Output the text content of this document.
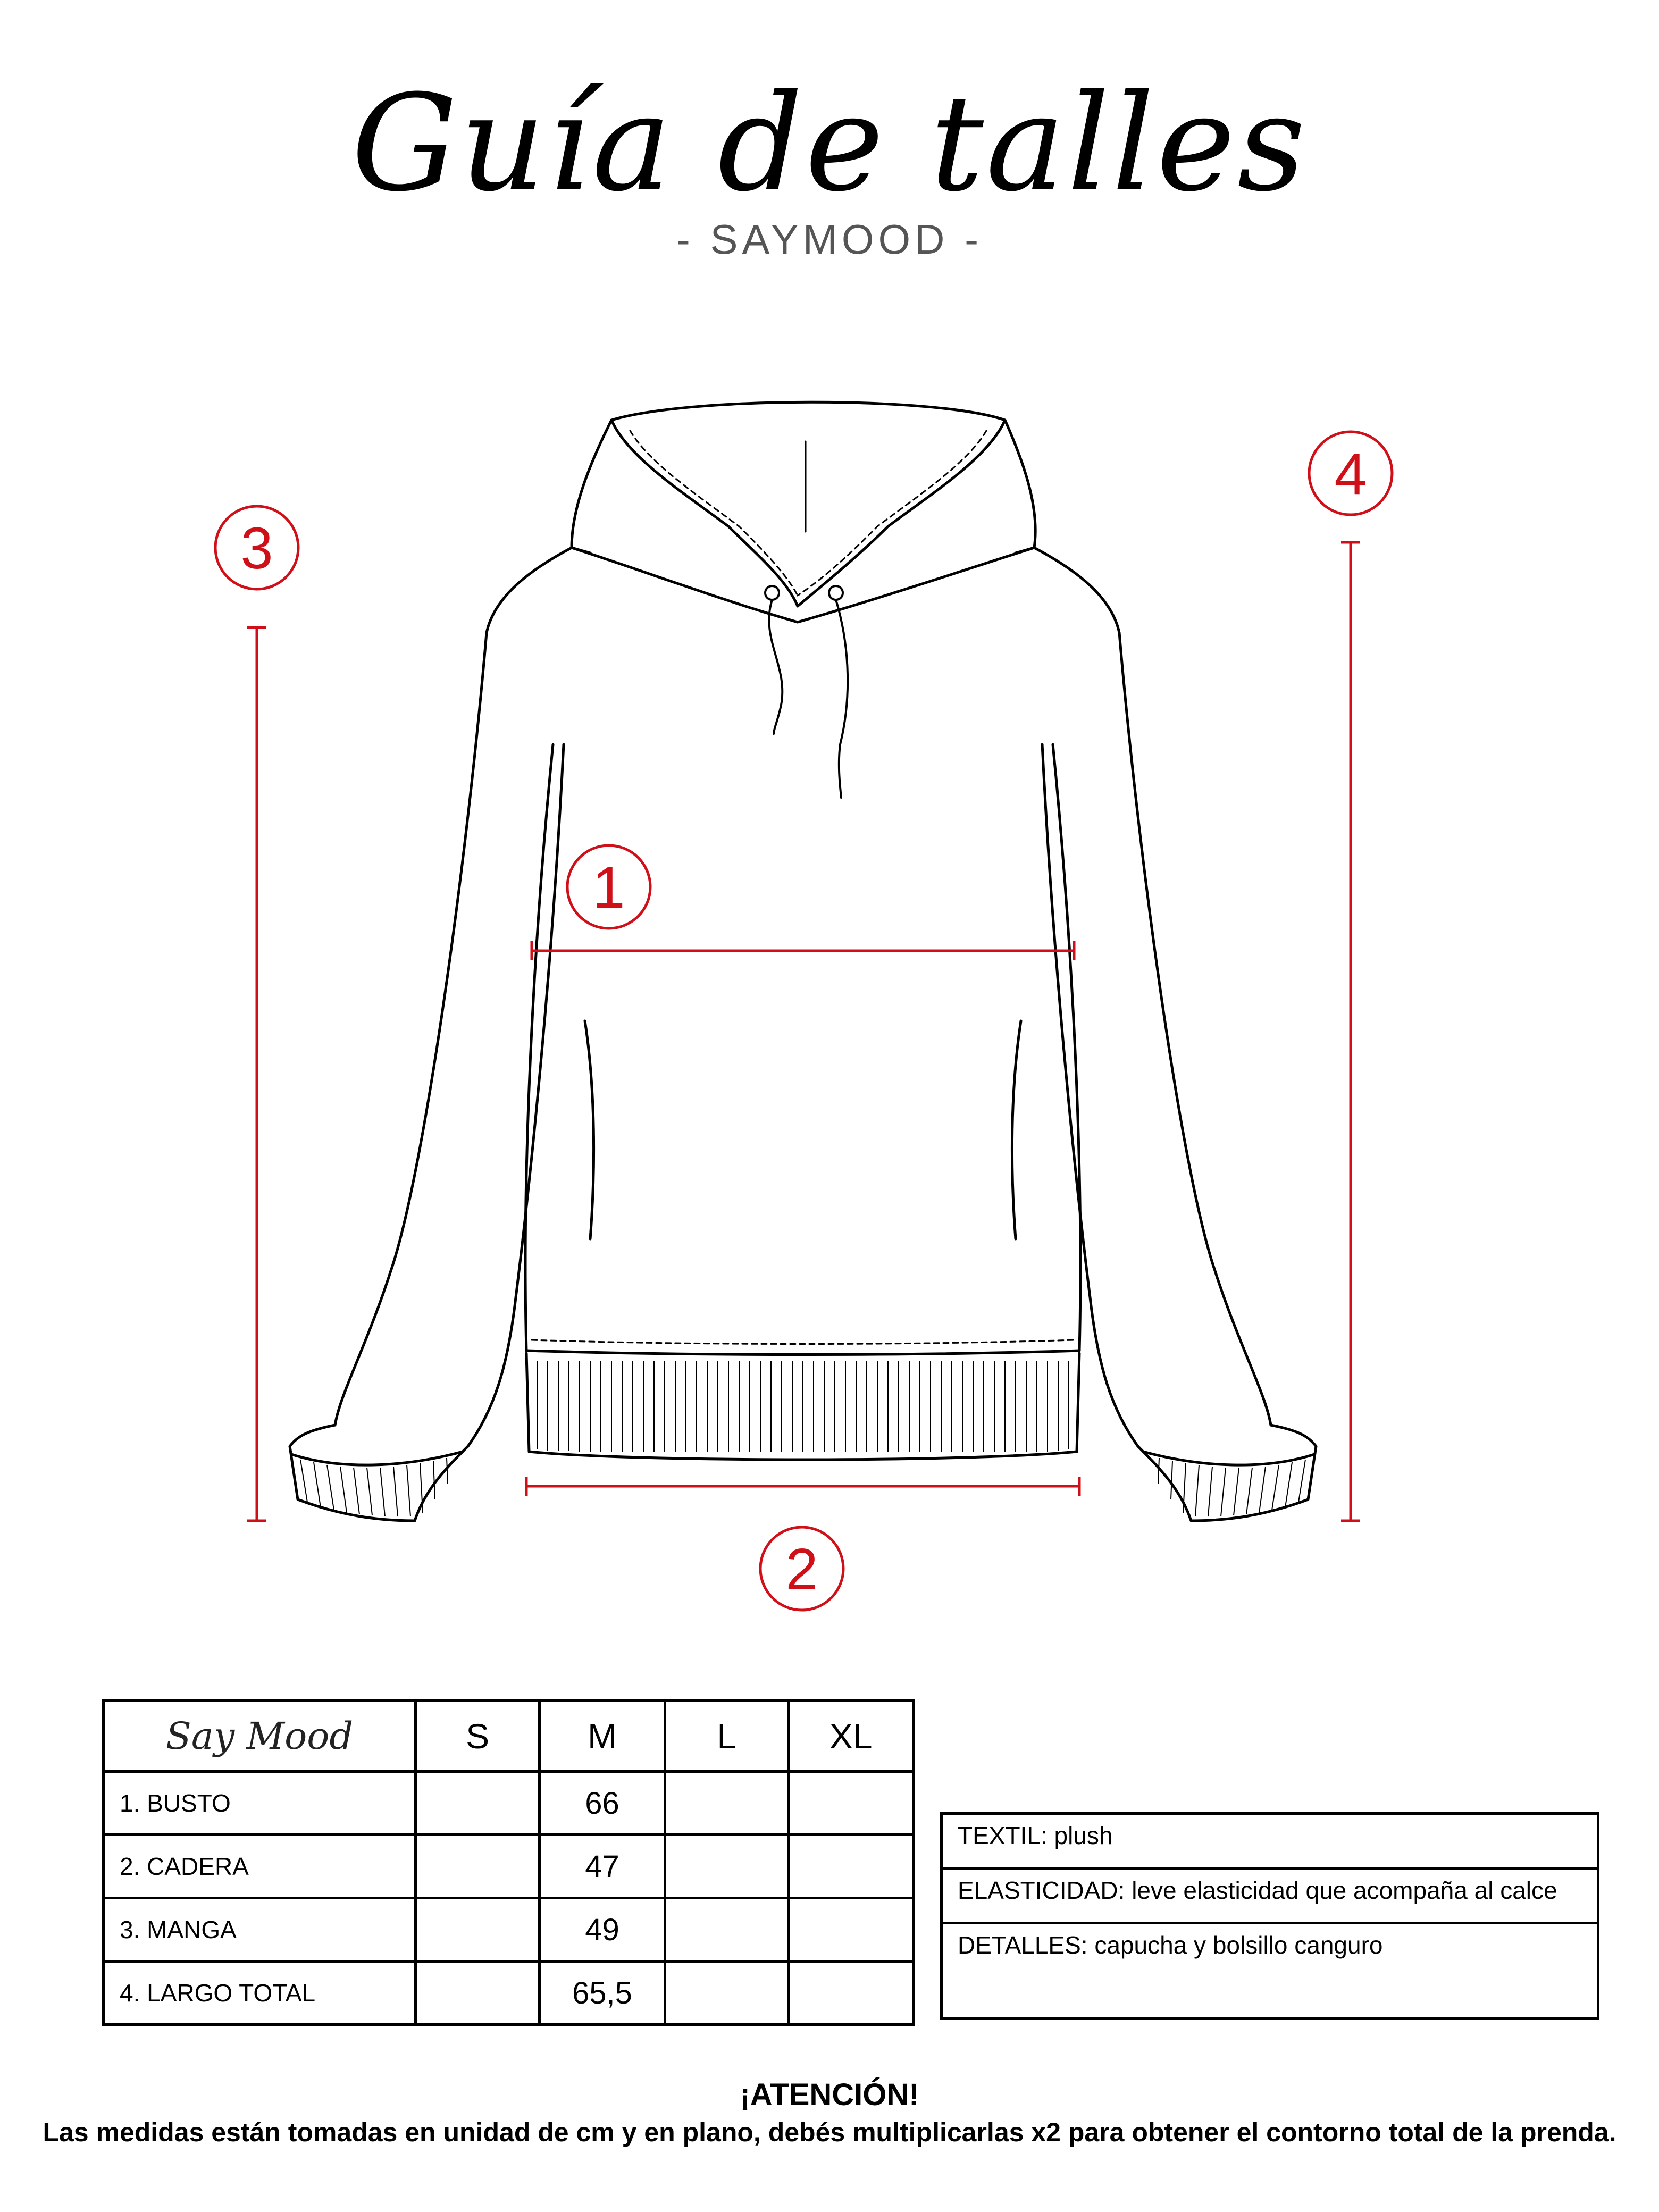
Guía de talles
- SAYMOOD -
1
2
3
4
Say Mood	S	M	L	XL
1. BUSTO		66		
2. CADERA		47		
3. MANGA		49		
4. LARGO TOTAL		65,5		
TEXTIL: plush
ELASTICIDAD: leve elasticidad que acompaña al calce
DETALLES: capucha y bolsillo canguro
¡ATENCIÓN!
Las medidas están tomadas en unidad de cm y en plano, debés multiplicarlas x2 para obtener el contorno total de la prenda.
